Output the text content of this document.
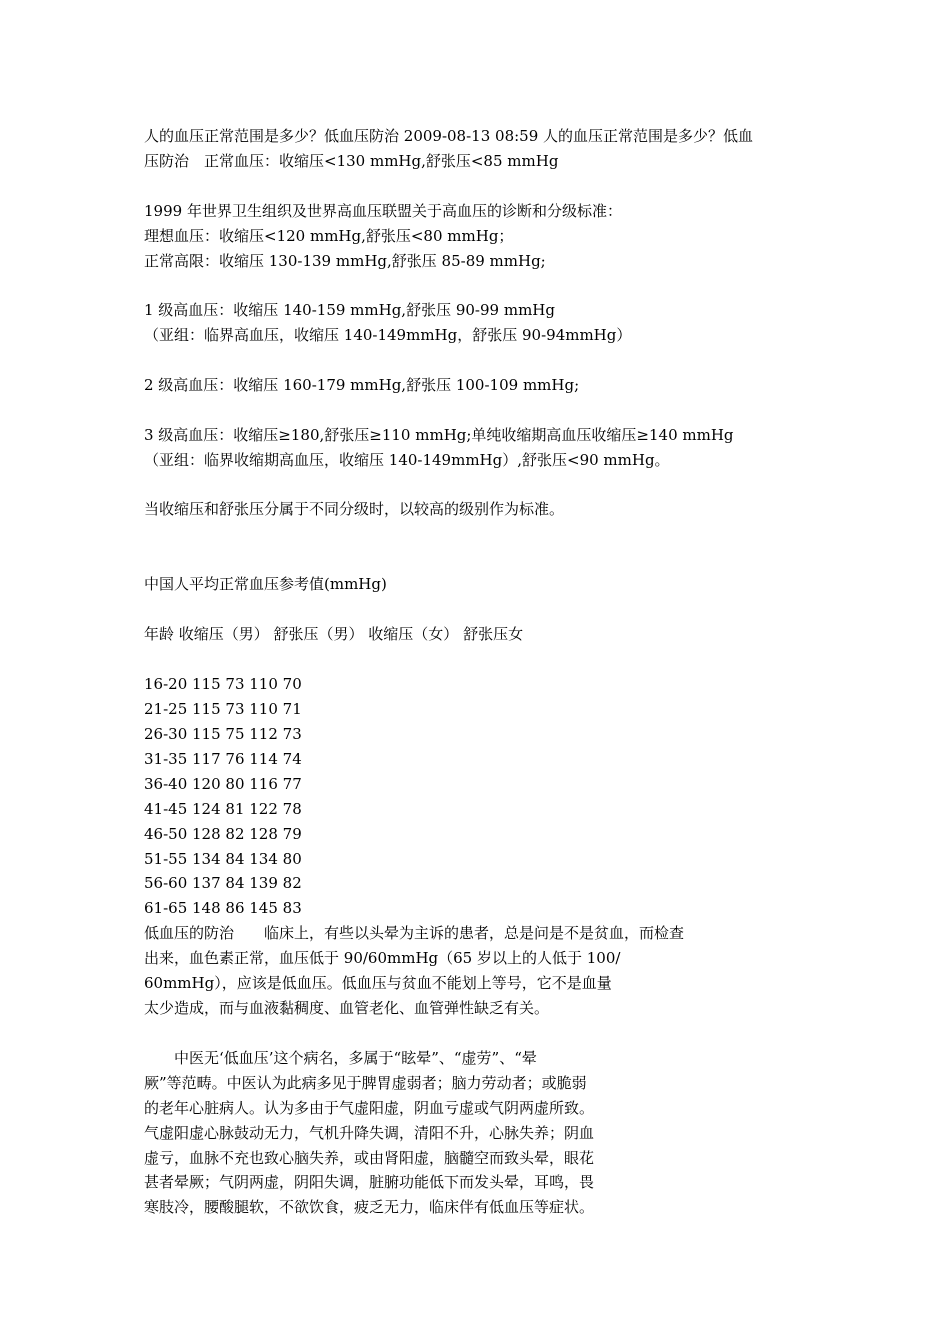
人的血压正常范围是多少？低血压防治 2009-08-13 08:59 人的血压正常范围是多少？低血
压防治　正常血压：收缩压<130 mmHg,舒张压<85 mmHg
1999 年世界卫生组织及世界高血压联盟关于高血压的诊断和分级标准：
理想血压：收缩压<120 mmHg,舒张压<80 mmHg；
正常高限：收缩压 130-139 mmHg,舒张压 85-89 mmHg;
1 级高血压：收缩压 140-159 mmHg,舒张压 90-99 mmHg
（亚组：临界高血压，收缩压 140-149mmHg，舒张压 90-94mmHg）
2 级高血压：收缩压 160-179 mmHg,舒张压 100-109 mmHg;
3 级高血压：收缩压≥180,舒张压≥110 mmHg;单纯收缩期高血压收缩压≥140 mmHg
（亚组：临界收缩期高血压，收缩压 140-149mmHg）,舒张压<90 mmHg。
当收缩压和舒张压分属于不同分级时，以较高的级别作为标准。
中国人平均正常血压参考值(mmHg)
年龄 收缩压（男） 舒张压（男） 收缩压（女） 舒张压女
16-20 115 73 110 70
21-25 115 73 110 71
26-30 115 75 112 73
31-35 117 76 114 74
36-40 120 80 116 77
41-45 124 81 122 78
46-50 128 82 128 79
51-55 134 84 134 80
56-60 137 84 139 82
61-65 148 86 145 83
低血压的防治　　临床上，有些以头晕为主诉的患者，总是问是不是贫血，而检查
出来，血色素正常，血压低于 90/60mmHg（65 岁以上的人低于 100/
60mmHg），应该是低血压。低血压与贫血不能划上等号，它不是血量
太少造成，而与血液黏稠度、血管老化、血管弹性缺乏有关。
　　中医无‘低血压’这个病名，多属于“眩晕”、“虚劳”、“晕
厥”等范畴。中医认为此病多见于脾胃虚弱者；脑力劳动者；或脆弱
的老年心脏病人。认为多由于气虚阳虚，阴血亏虚或气阴两虚所致。
气虚阳虚心脉鼓动无力，气机升降失调，清阳不升，心脉失养；阴血
虚亏，血脉不充也致心脑失养，或由肾阳虚，脑髓空而致头晕，眼花
甚者晕厥；气阴两虚，阴阳失调，脏腑功能低下而发头晕，耳鸣，畏
寒肢冷，腰酸腿软，不欲饮食，疲乏无力，临床伴有低血压等症状。
